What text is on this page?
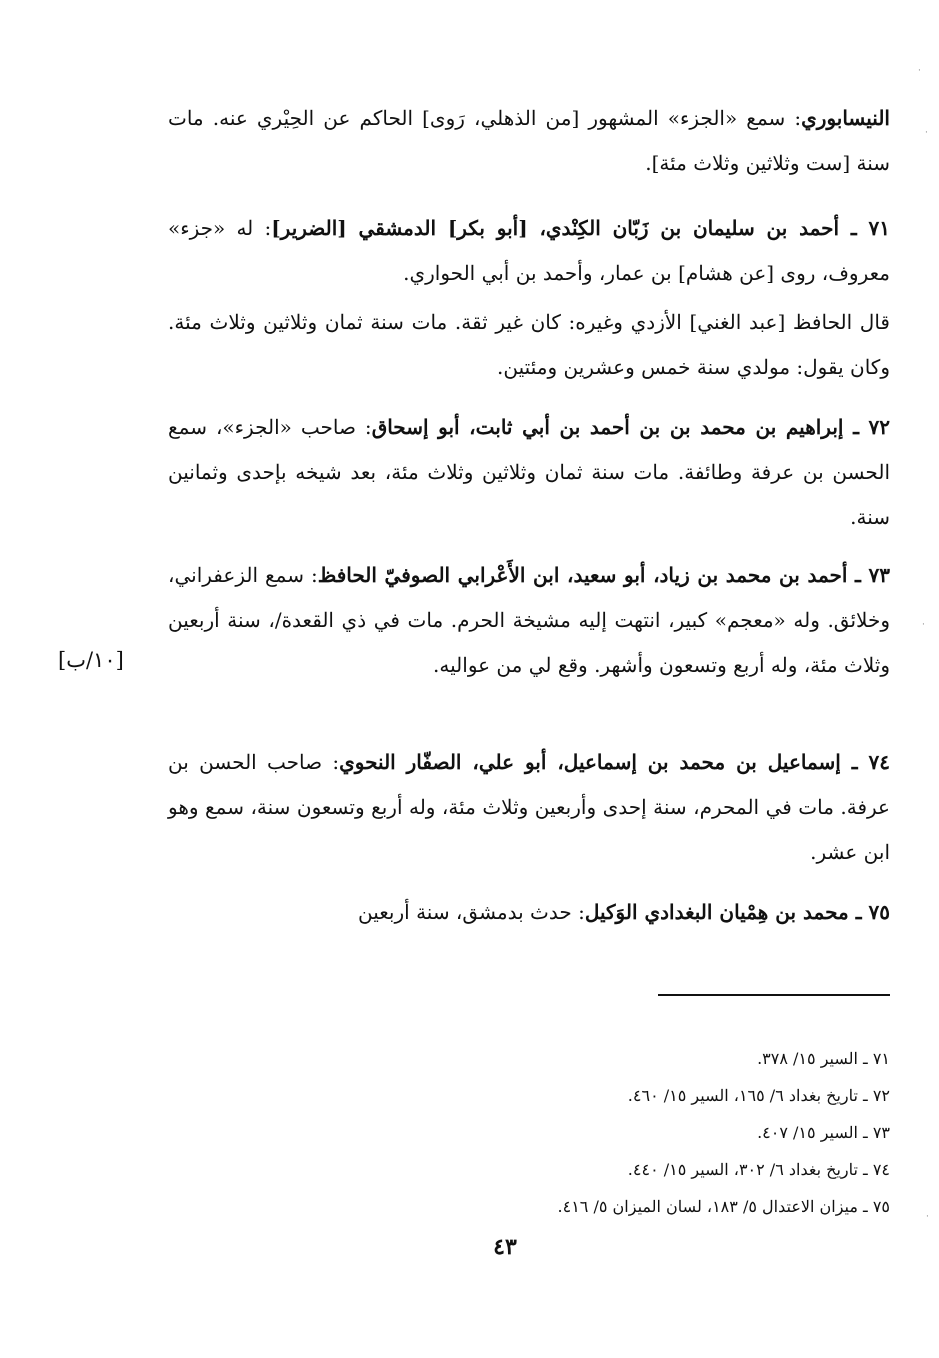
النيسابوري: سمع «الجزء» المشهور [من الذهلي، رَوى] الحاكم عن الحِيْري عنه. مات سنة [ست وثلاثين وثلاث مئة].

٧١ ـ أحمد بن سليمان بن زَبّان الكِنْدي، [أبو بكر] الدمشقي [الضرير]: له «جزء» معروف، روى [عن هشام] بن عمار، وأحمد بن أبي الحواري.

قال الحافظ [عبد الغني] الأزدي وغيره: كان غير ثقة. مات سنة ثمان وثلاثين وثلاث مئة. وكان يقول: مولدي سنة خمس وعشرين ومئتين.

٧٢ ـ إبراهيم بن محمد بن بن أحمد بن أبي ثابت، أبو إسحاق: صاحب «الجزء»، سمع الحسن بن عرفة وطائفة. مات سنة ثمان وثلاثين وثلاث مئة، بعد شيخه بإحدى وثمانين سنة.

٧٣ ـ أحمد بن محمد بن زياد، أبو سعيد، ابن الأَعْرابي الصوفيّ الحافظ: سمع الزعفراني، وخلائق. وله «معجم» كبير، انتهت إليه مشيخة الحرم. مات في ذي القعدة/، سنة أربعين وثلاث مئة، وله أربع وتسعون وأشهر. وقع لي من عواليه.

٧٤ ـ إسماعيل بن محمد بن إسماعيل، أبو علي، الصفّار النحوي: صاحب الحسن بن عرفة. مات في المحرم، سنة إحدى وأربعين وثلاث مئة، وله أربع وتسعون سنة، سمع وهو ابن عشر.

٧٥ ـ محمد بن هِمْيان البغدادي الوَكيل: حدث بدمشق، سنة أربعين

[١٠/ب]

٧١ ـ السير ١٥/ ٣٧٨.

٧٢ ـ تاريخ بغداد ٦/ ١٦٥، السير ١٥/ ٤٦٠.

٧٣ ـ السير ١٥/ ٤٠٧.

٧٤ ـ تاريخ بغداد ٦/ ٣٠٢، السير ١٥/ ٤٤٠.

٧٥ ـ ميزان الاعتدال ٥/ ١٨٣، لسان الميزان ٥/ ٤١٦.

٤٣
·
·
·
·
